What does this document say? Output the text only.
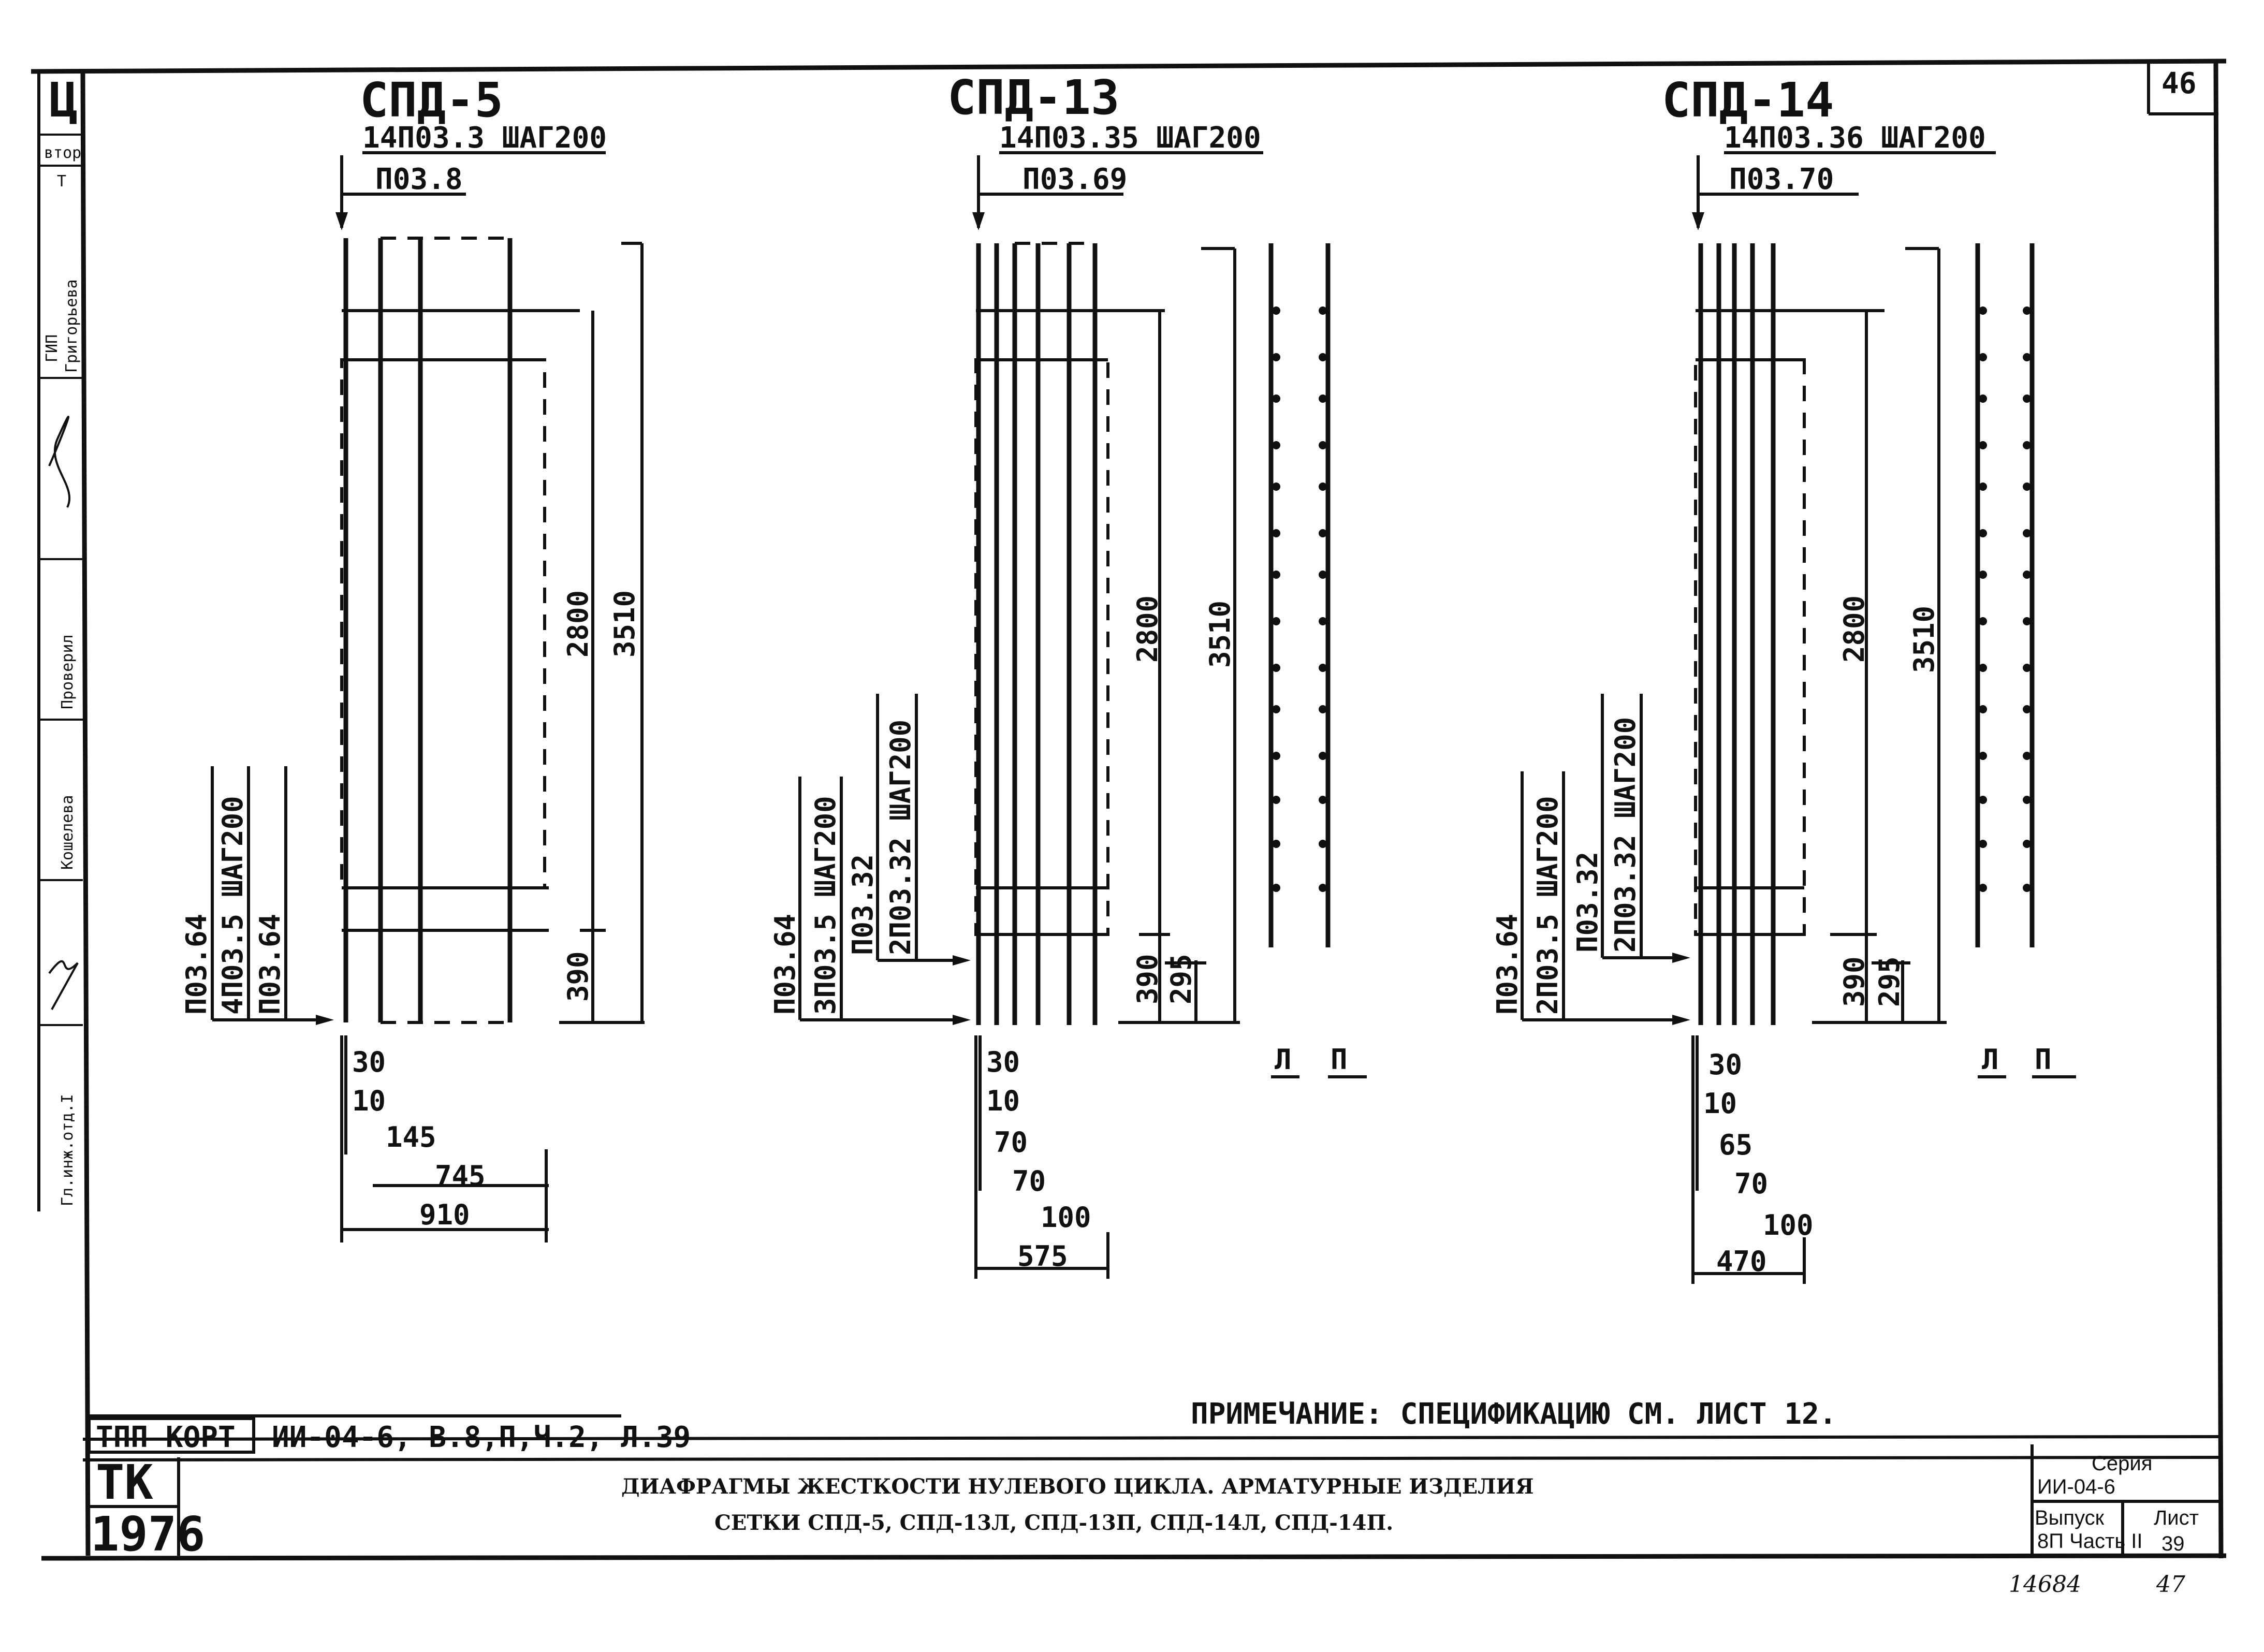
Ц
втор
Т
ГИП Григорьева
Проверил
Кошелева
Гл.инж.отд.I
46
СПД-5
14П03.3 ШАГ200
П03.8
2800 3510
390
П03.64 4П03.5 ШАГ200 П03.64
30
10
145
745
910
СПД-13
14П03.35 ШАГ200
П03.69
2800 3510
390 295
Л П
П03.64 3П03.5 ШАГ200 П03.32 2П03.32 ШАГ200
30
10
70
70
100
575
СПД-14
14П03.36 ШАГ200
П03.70
2800 3510
390 295
Л П
П03.64 2П03.5 ШАГ200 П03.32 2П03.32 ШАГ200
30
10
65
70
100
470
ПРИМЕЧАНИЕ: СПЕЦИФИКАЦИЮ СМ. ЛИСТ 12.
ТПП КОРТ ИИ-04-6, В.8,П,Ч.2, Л.39
ТК
1976
ДИАФРАГМЫ ЖЕСТКОСТИ НУЛЕВОГО ЦИКЛА. АРМАТУРНЫЕ ИЗДЕЛИЯ
СЕТКИ СПД-5, СПД-13Л, СПД-13П, СПД-14Л, СПД-14П.
Серия
ИИ-04-6
Выпуск
8П Часть II
Лист
39
14684	47
